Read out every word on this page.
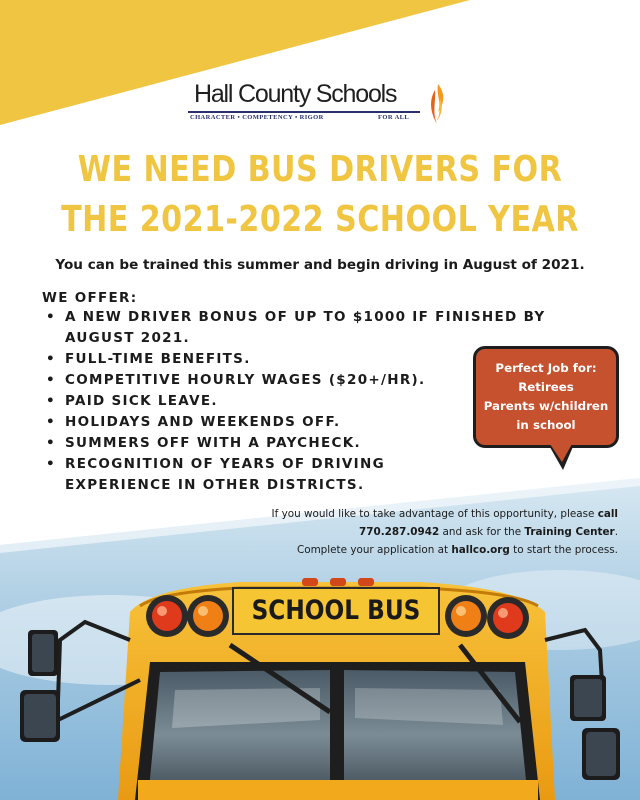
SCHOOL BUS
Hall County Schools
CHARACTER • COMPETENCY • RIGOR	FOR ALL
WE NEED BUS DRIVERS FOR
THE 2021-2022 SCHOOL YEAR
You can be trained this summer and begin driving in August of 2021.
WE OFFER:
• A NEW DRIVER BONUS OF UP TO $1000 IF FINISHED BY AUGUST 2021.
• FULL-TIME BENEFITS.
• COMPETITIVE HOURLY WAGES ($20+/HR).
• PAID SICK LEAVE.
• HOLIDAYS AND WEEKENDS OFF.
• SUMMERS OFF WITH A PAYCHECK.
• RECOGNITION OF YEARS OF DRIVING EXPERIENCE IN OTHER DISTRICTS.
Perfect Job for:
Retirees
Parents w/children
in school
If you would like to take advantage of this opportunity, please call
770.287.0942 and ask for the Training Center.
Complete your application at hallco.org to start the process.
